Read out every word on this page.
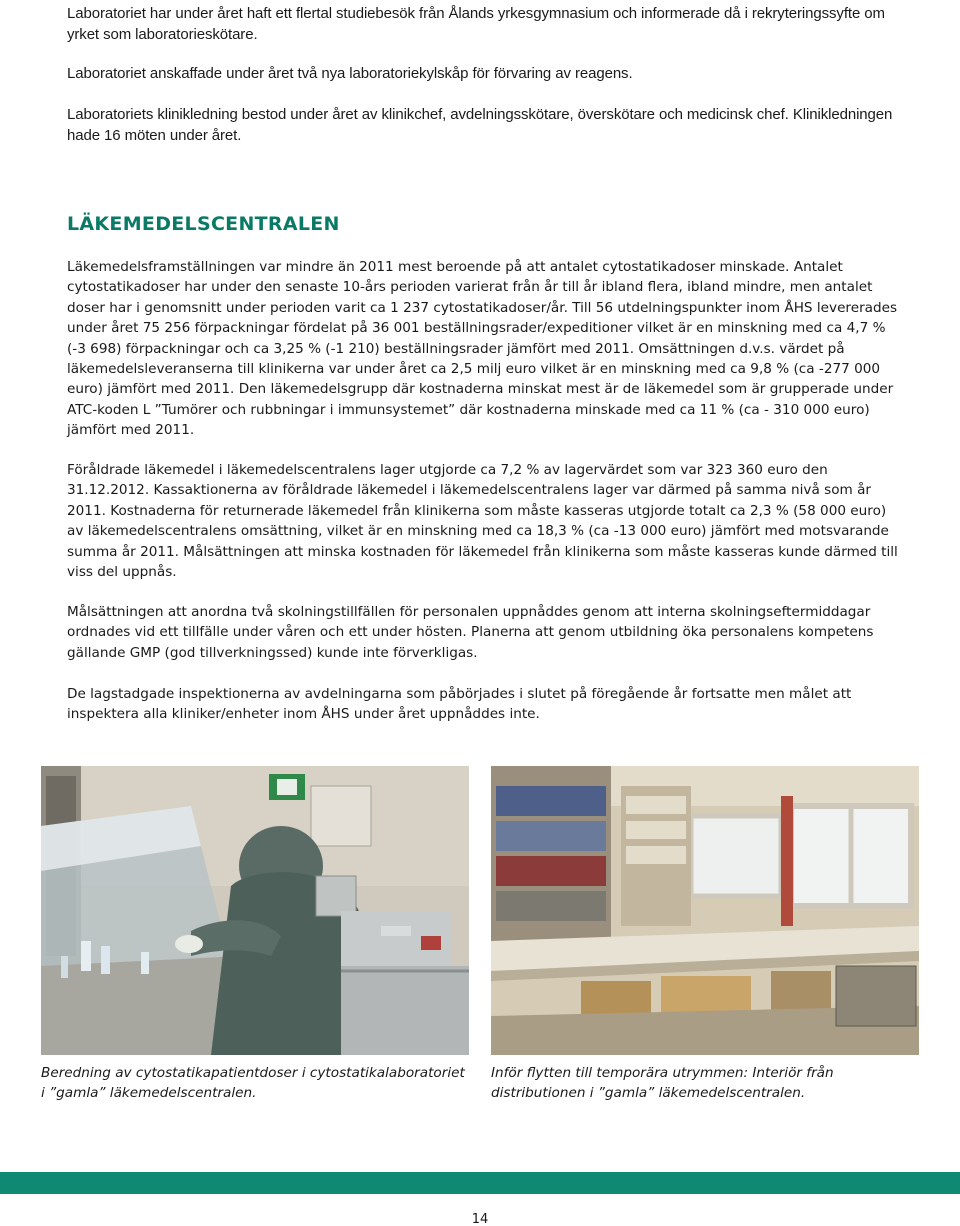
Laboratoriet har under året haft ett flertal studiebesök från Ålands yrkesgymnasium och informerade då i rekryteringssyfte om yrket som laboratorieskötare.
Laboratoriet anskaffade under året två nya laboratoriekylskåp för förvaring av reagens.
Laboratoriets klinikledning bestod under året av klinikchef, avdelningsskötare, överskötare och medicinsk chef. Klinikledningen hade 16 möten under året.
LÄKEMEDELSCENTRALEN
Läkemedelsframställningen var mindre än 2011 mest beroende på att antalet cytostatikadoser minskade. Antalet cytostatikadoser har under den senaste 10-års perioden varierat från år till år ibland flera, ibland mindre, men antalet doser har i genomsnitt under perioden varit ca 1 237 cytostatikadoser/år. Till 56 utdelningspunkter inom ÅHS levererades under året 75 256 förpackningar fördelat på 36 001 beställningsrader/expeditioner vilket är en minskning med ca 4,7 % (-3 698) förpackningar och ca 3,25 % (-1 210) beställningsrader jämfört med 2011. Omsättningen d.v.s. värdet på läkemedelsleveranserna till klinikerna var under året ca 2,5 milj euro vilket är en minskning med ca 9,8 % (ca -277 000 euro) jämfört med 2011. Den läkemedelsgrupp där kostnaderna minskat mest är de läkemedel som är grupperade under ATC-koden L ”Tumörer och rubbningar i immunsystemet” där kostnaderna minskade med ca 11 % (ca - 310 000 euro) jämfört med 2011.
Föråldrade läkemedel i läkemedelscentralens lager utgjorde ca 7,2 % av lagervärdet som var 323 360 euro den 31.12.2012. Kassaktionerna av föråldrade läkemedel i läkemedelscentralens lager var därmed på samma nivå som år 2011. Kostnaderna för returnerade läkemedel från klinikerna som måste kasseras utgjorde totalt ca 2,3 % (58 000 euro) av läkemedelscentralens omsättning, vilket är en minskning med ca 18,3 % (ca -13 000 euro) jämfört med motsvarande summa år 2011. Målsättningen att minska kostnaden för läkemedel från klinikerna som måste kasseras kunde därmed till viss del uppnås.
Målsättningen att anordna två skolningstillfällen för personalen uppnåddes genom att interna skolningseftermiddagar ordnades vid ett tillfälle under våren och ett under hösten. Planerna att genom utbildning öka personalens kompetens gällande GMP (god tillverkningssed) kunde inte förverkligas.
De lagstadgade inspektionerna av avdelningarna som påbörjades i slutet på föregående år fortsatte men målet att inspektera alla kliniker/enheter inom ÅHS under året uppnåddes inte.
Beredning av cytostatikapatientdoser i cytostatikalaboratoriet i ”gamla” läkemedelscentralen.
Inför flytten till temporära utrymmen: Interiör från distributionen i ”gamla” läkemedelscentralen.
14
